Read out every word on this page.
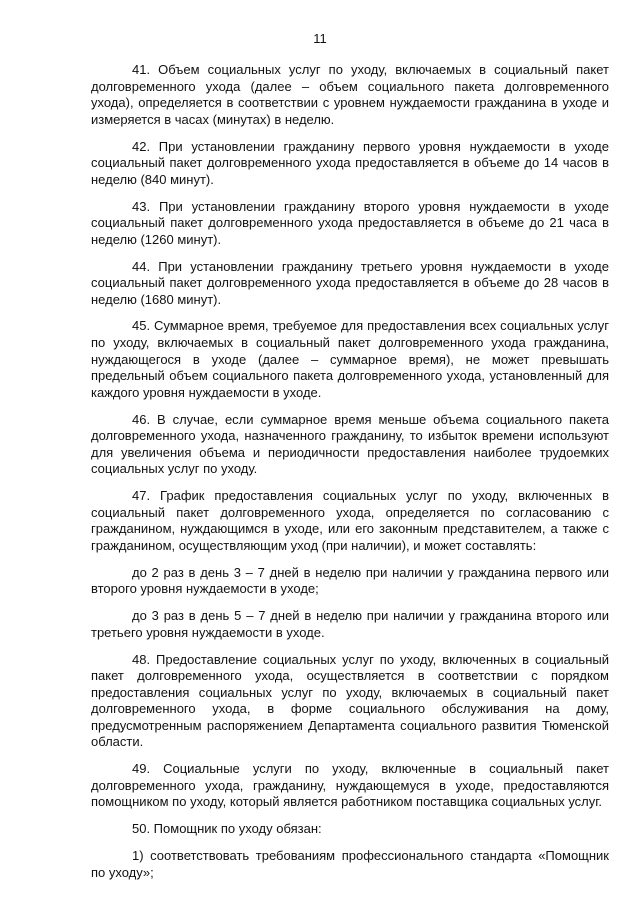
11

41. Объем социальных услуг по уходу, включаемых в социальный пакет долговременного ухода (далее – объем социального пакета долговременного ухода), определяется в соответствии с уровнем нуждаемости гражданина в уходе и измеряется в часах (минутах) в неделю.

42. При установлении гражданину первого уровня нуждаемости в уходе социальный пакет долговременного ухода предоставляется в объеме до 14 часов в неделю (840 минут).

43. При установлении гражданину второго уровня нуждаемости в уходе социальный пакет долговременного ухода предоставляется в объеме до 21 часа в неделю (1260 минут).

44. При установлении гражданину третьего уровня нуждаемости в уходе социальный пакет долговременного ухода предоставляется в объеме до 28 часов в неделю (1680 минут).

45. Суммарное время, требуемое для предоставления всех социальных услуг по уходу, включаемых в социальный пакет долговременного ухода гражданина, нуждающегося в уходе (далее – суммарное время), не может превышать предельный объем социального пакета долговременного ухода, установленный для каждого уровня нуждаемости в уходе.

46. В случае, если суммарное время меньше объема социального пакета долговременного ухода, назначенного гражданину, то избыток времени используют для увеличения объема и периодичности предоставления наиболее трудоемких социальных услуг по уходу.

47. График предоставления социальных услуг по уходу, включенных в социальный пакет долговременного ухода, определяется по согласованию с гражданином, нуждающимся в уходе, или его законным представителем, а также с гражданином, осуществляющим уход (при наличии), и может составлять:

до 2 раз в день 3 – 7 дней в неделю при наличии у гражданина первого или второго уровня нуждаемости в уходе;

до 3 раз в день 5 – 7 дней в неделю при наличии у гражданина второго или третьего уровня нуждаемости в уходе.

48. Предоставление социальных услуг по уходу, включенных в социальный пакет долговременного ухода, осуществляется в соответствии с порядком предоставления социальных услуг по уходу, включаемых в социальный пакет долговременного ухода, в форме социального обслуживания на дому, предусмотренным распоряжением Департамента социального развития Тюменской области.

49. Социальные услуги по уходу, включенные в социальный пакет долговременного ухода, гражданину, нуждающемуся в уходе, предоставляются помощником по уходу, который является работником поставщика социальных услуг.

50. Помощник по уходу обязан:

1) соответствовать требованиям профессионального стандарта «Помощник по уходу»;
